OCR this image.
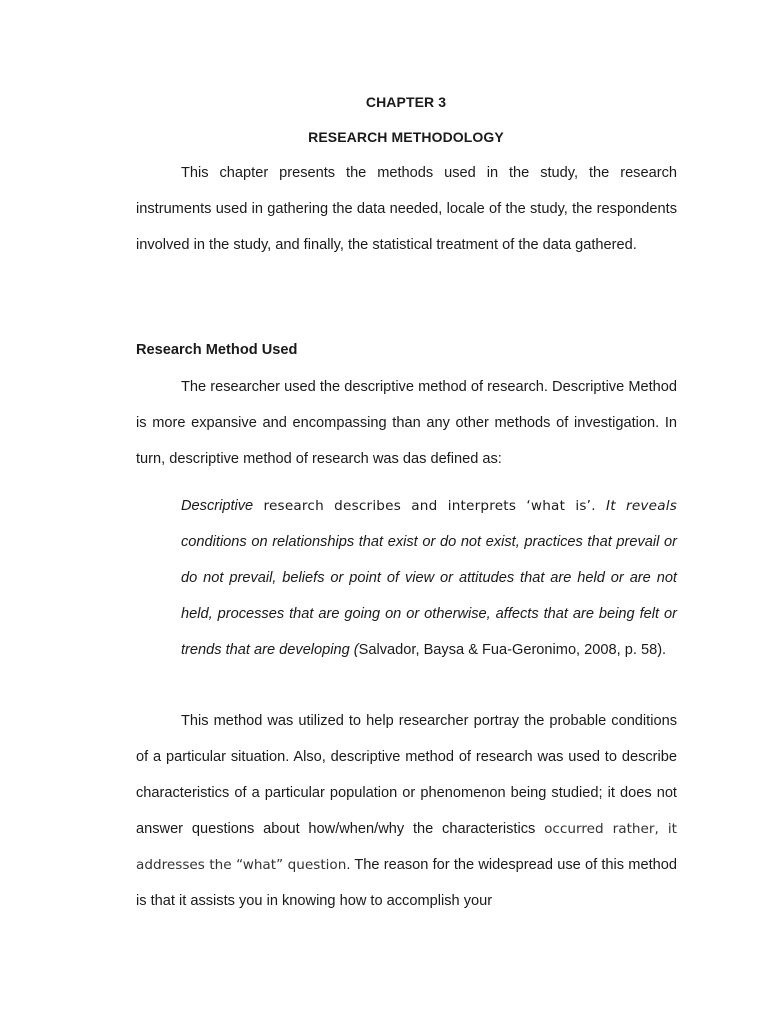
CHAPTER 3
RESEARCH METHODOLOGY

This chapter presents the methods used in the study, the research instruments used in gathering the data needed, locale of the study, the respondents involved in the study, and finally, the statistical treatment of the data gathered.

Research Method Used

The researcher used the descriptive method of research. Descriptive Method is more expansive and encompassing than any other methods of investigation. In turn, descriptive method of research was das defined as:

Descriptive research describes and interprets ‘what is’. It reveals conditions on relationships that exist or do not exist, practices that prevail or do not prevail, beliefs or point of view or attitudes that are held or are not held, processes that are going on or otherwise, affects that are being felt or trends that are developing (Salvador, Baysa & Fua-Geronimo, 2008, p. 58).

This method was utilized to help researcher portray the probable conditions of a particular situation. Also, descriptive method of research was used to describe characteristics of a particular population or phenomenon being studied; it does not answer questions about how/when/why the characteristics occurred rather, it addresses the “what” question. The reason for the widespread use of this method is that it assists you in knowing how to accomplish your
